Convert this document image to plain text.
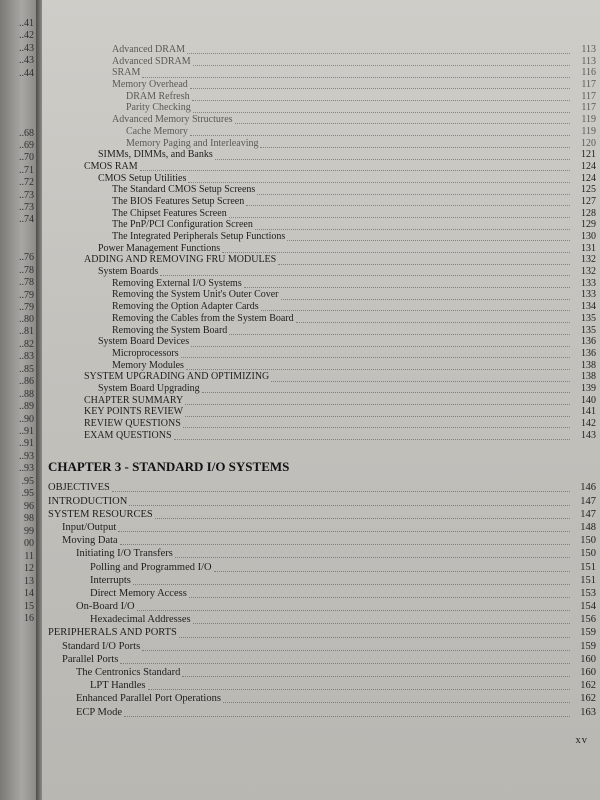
..41
..42
..43
..43
..44
..68
..69
..70
..71
..72
..73
..73
..74
..76
..78
..78
..79
..79
..80
..81
..82
..83
..85
..86
..88
..89
..90
..91
..91
..93
..93
.95
.95
96
98
99
00
11
12
13
14
15
16
Advanced DRAM	113
Advanced SDRAM	113
SRAM	116
Memory Overhead	117
DRAM Refresh	117
Parity Checking	117
Advanced Memory Structures	119
Cache Memory	119
Memory Paging and Interleaving	120
SIMMs, DIMMs, and Banks	121
CMOS RAM	124
CMOS Setup Utilities	124
The Standard CMOS Setup Screens	125
The BIOS Features Setup Screen	127
The Chipset Features Screen	128
The PnP/PCI Configuration Screen	129
The Integrated Peripherals Setup Functions	130
Power Management Functions	131
ADDING AND REMOVING FRU MODULES	132
System Boards	132
Removing External I/O Systems	133
Removing the System Unit's Outer Cover	133
Removing the Option Adapter Cards	134
Removing the Cables from the System Board	135
Removing the System Board	135
System Board Devices	136
Microprocessors	136
Memory Modules	138
SYSTEM UPGRADING AND OPTIMIZING	138
System Board Upgrading	139
CHAPTER SUMMARY	140
KEY POINTS REVIEW	141
REVIEW QUESTIONS	142
EXAM QUESTIONS	143
CHAPTER 3 - STANDARD I/O SYSTEMS
OBJECTIVES	146
INTRODUCTION	147
SYSTEM RESOURCES	147
Input/Output	148
Moving Data	150
Initiating I/O Transfers	150
Polling and Programmed I/O	151
Interrupts	151
Direct Memory Access	153
On-Board I/O	154
Hexadecimal Addresses	156
PERIPHERALS AND PORTS	159
Standard I/O Ports	159
Parallel Ports	160
The Centronics Standard	160
LPT Handles	162
Enhanced Parallel Port Operations	162
ECP Mode	163
xv
